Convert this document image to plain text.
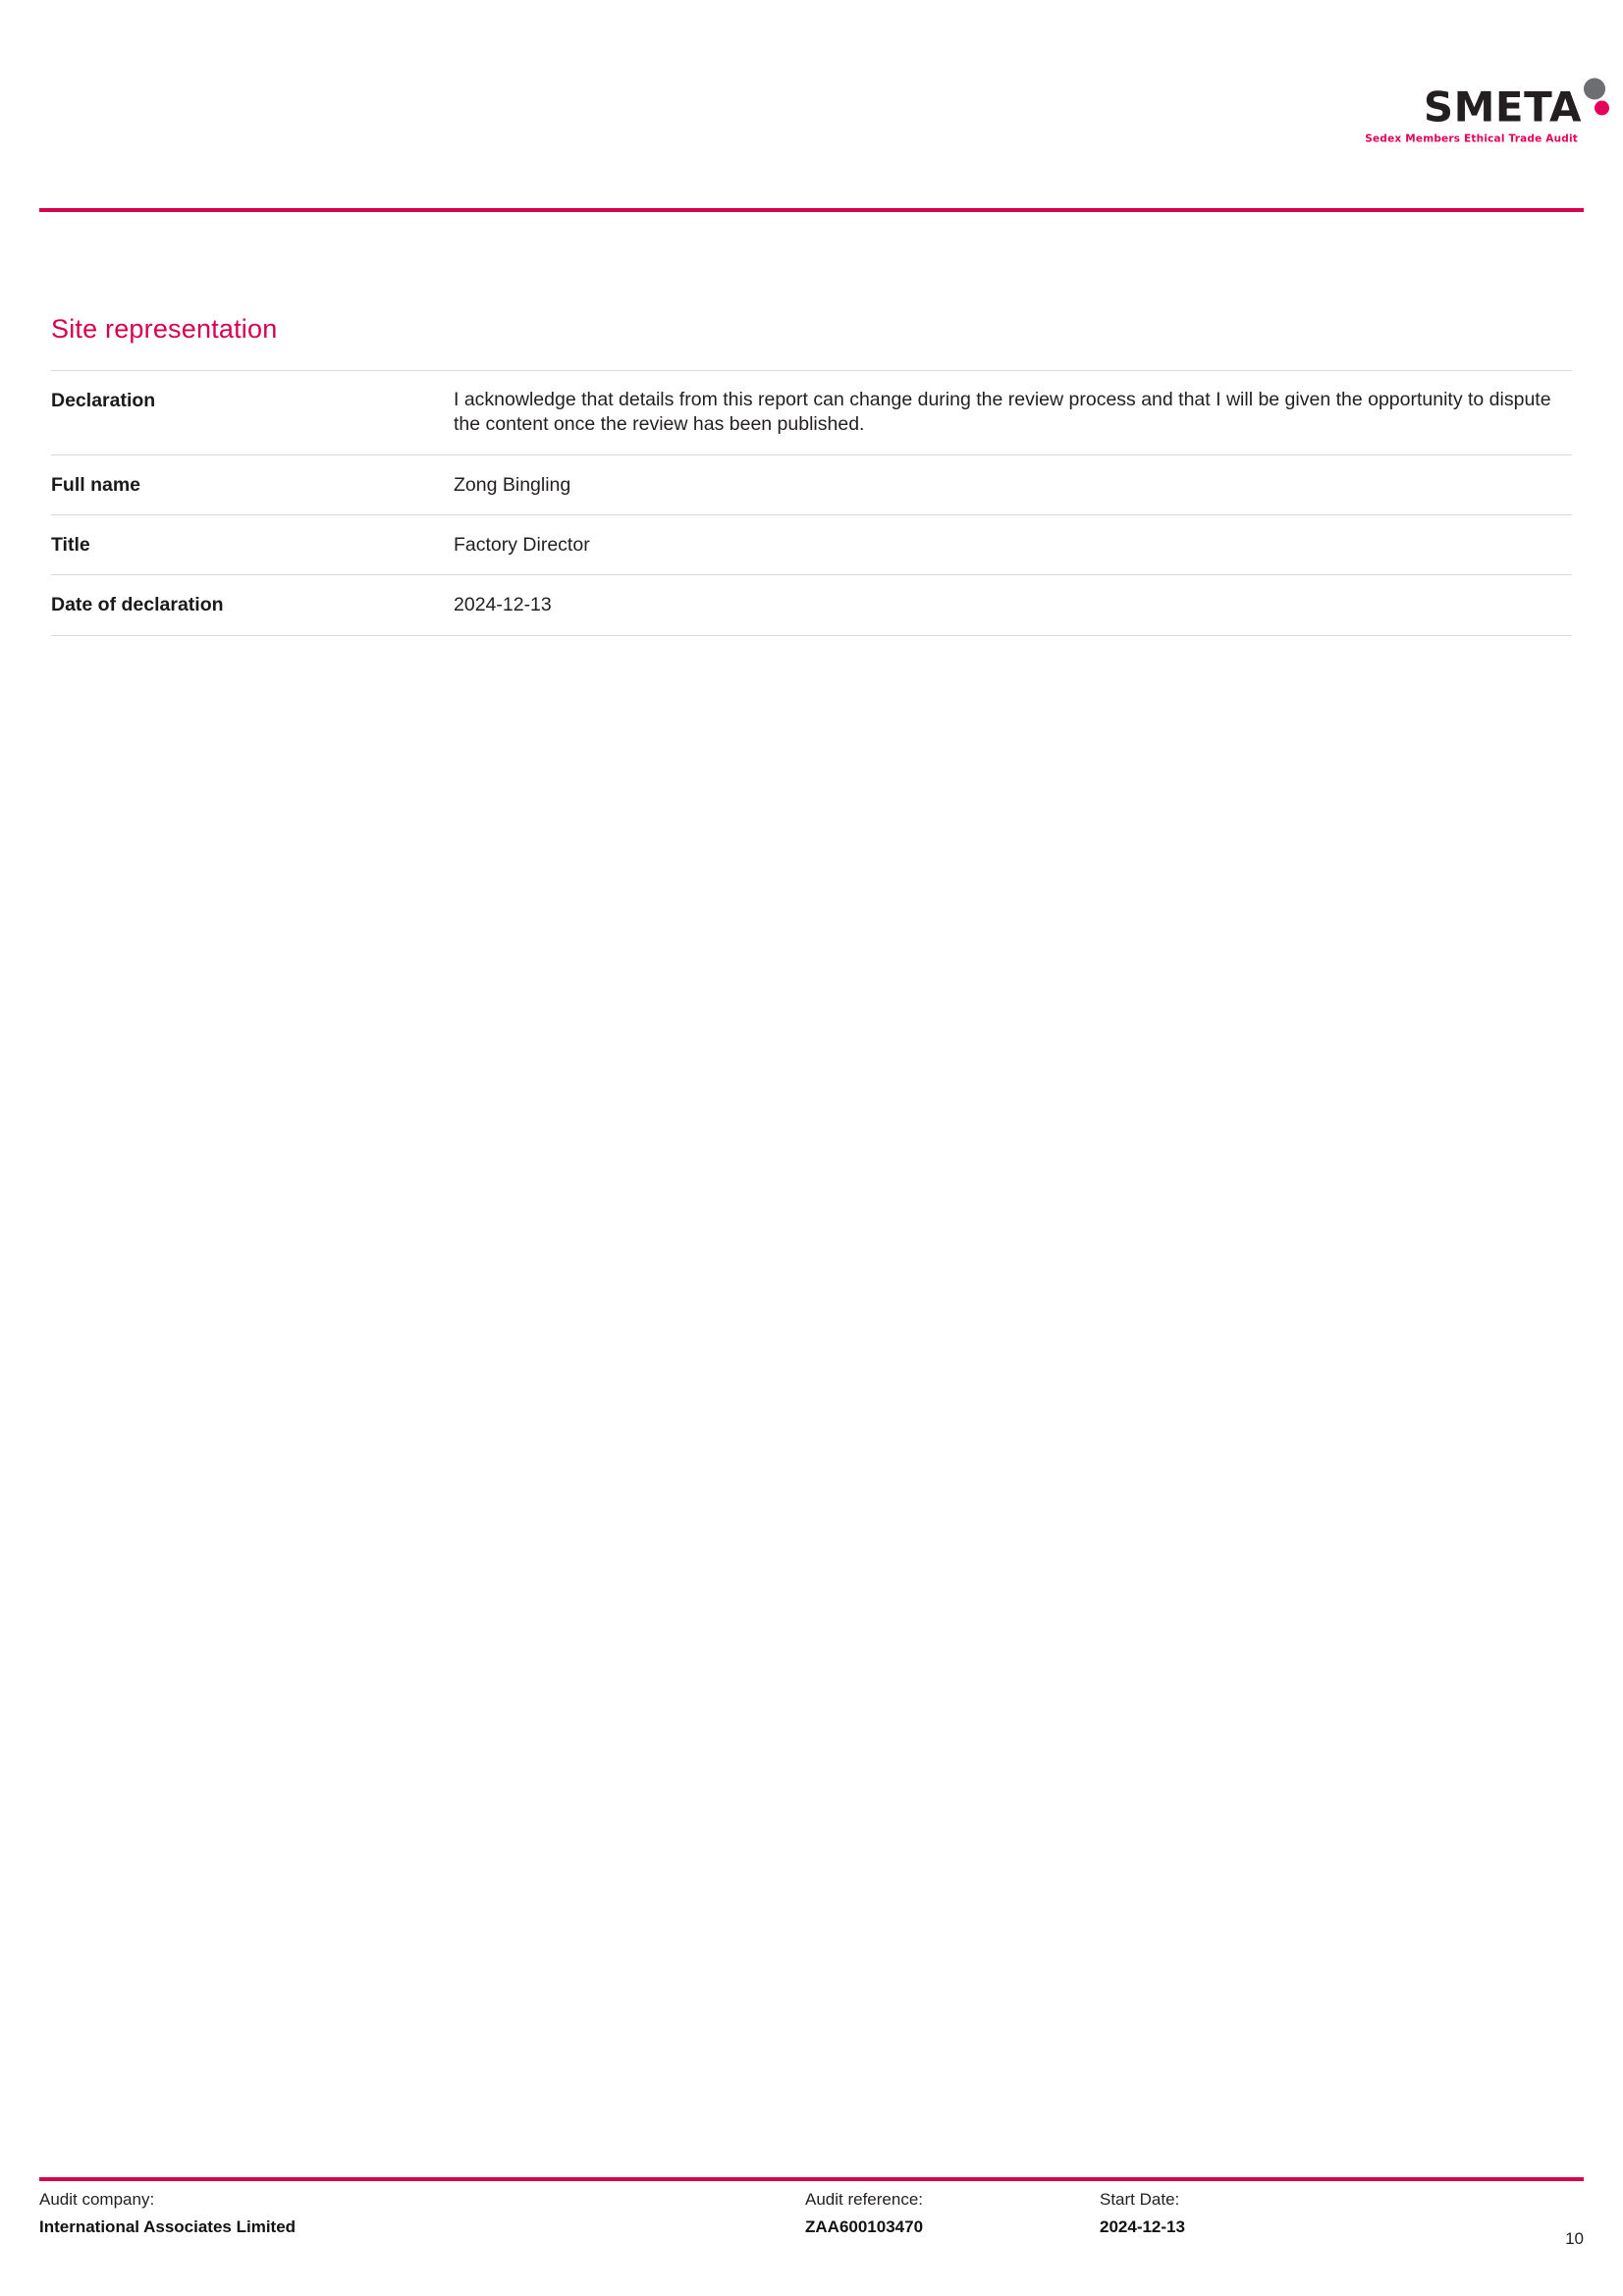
SMETA
Sedex Members Ethical Trade Audit
Site representation
Declaration	I acknowledge that details from this report can change during the review process and that I will be given the opportunity to dispute the content once the review has been published.

Full name	Zong Bingling
Title	Factory Director
Date of declaration	2024-12-13
Audit company:
International Associates Limited
Audit reference:
ZAA600103470
Start Date:
2024-12-13
10
